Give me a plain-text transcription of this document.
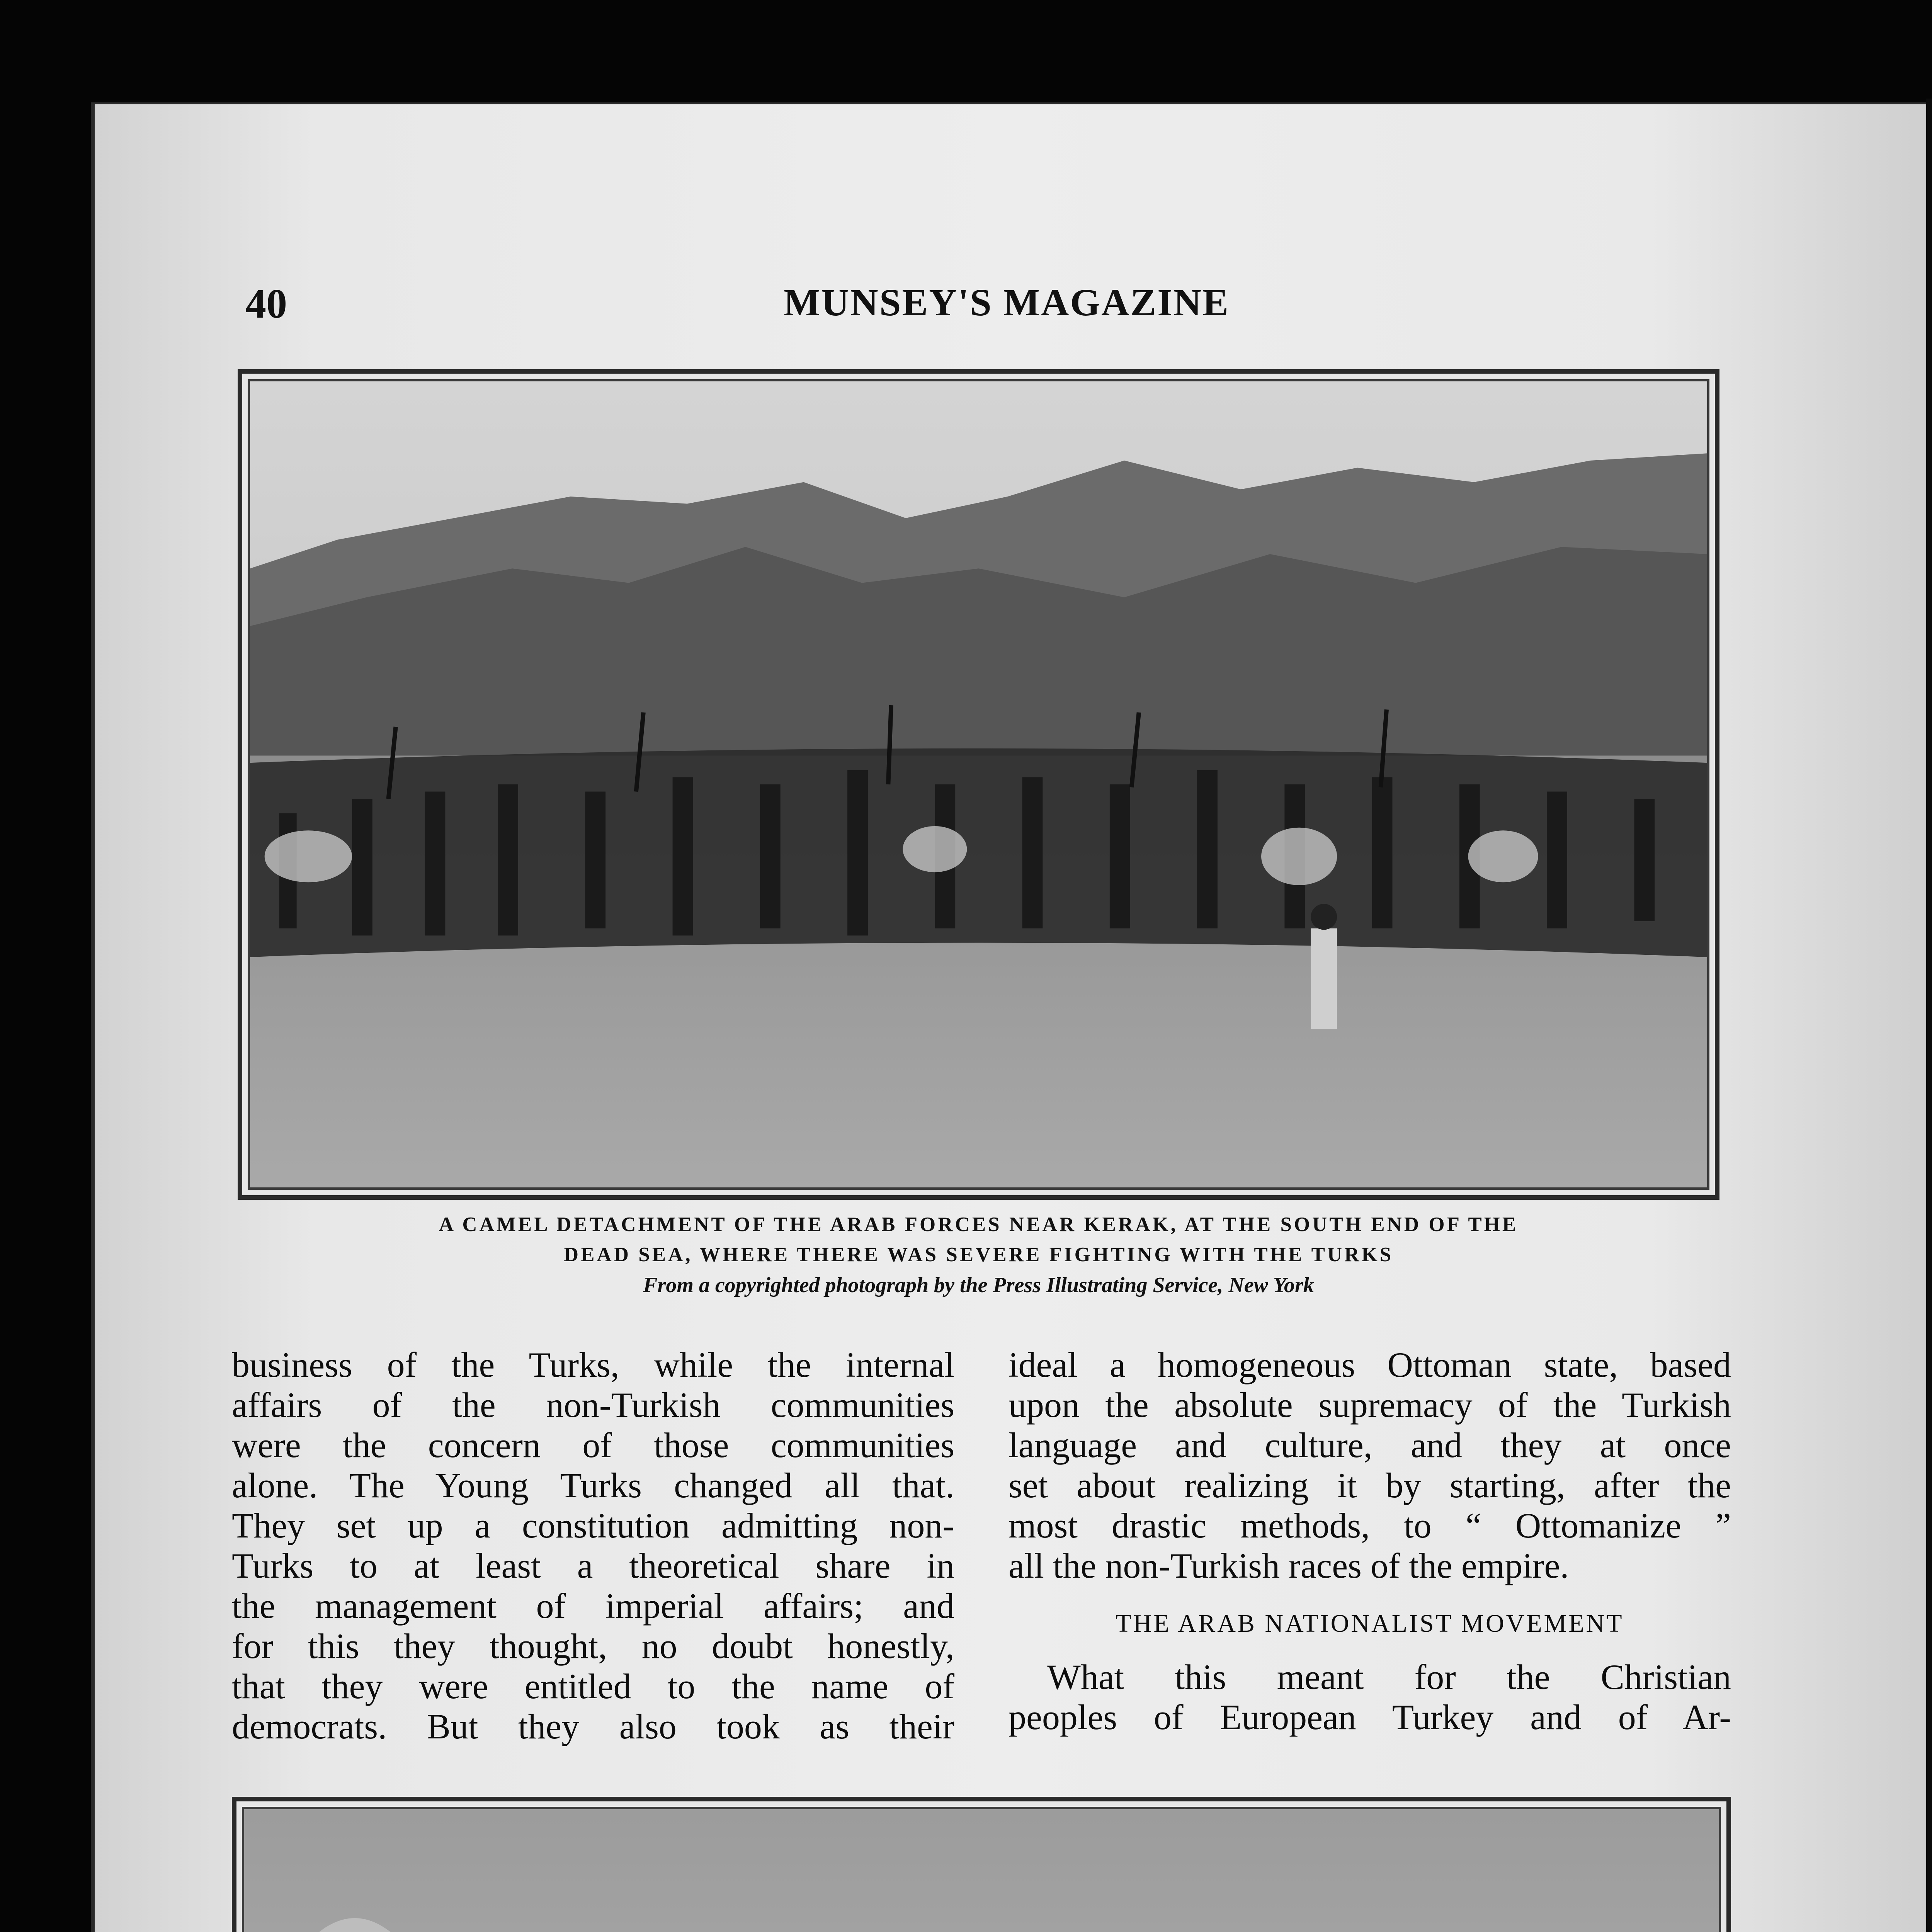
40	MUNSEY'S MAGAZINE
A CAMEL DETACHMENT OF THE ARAB FORCES NEAR KERAK, AT THE SOUTH END OF THE
DEAD SEA, WHERE THERE WAS SEVERE FIGHTING WITH THE TURKS
From a copyrighted photograph by the Press Illustrating Service, New York

business of the Turks, while the internal

affairs of the non-Turkish communities

were the concern of those communities

alone. The Young Turks changed all that.

They set up a constitution admitting non-

Turks to at least a theoretical share in

the management of imperial affairs; and

for this they thought, no doubt honestly,

that they were entitled to the name of

democrats. But they also took as their

ideal a homogeneous Ottoman state, based

upon the absolute supremacy of the Turkish

language and culture, and they at once

set about realizing it by starting, after the

most drastic methods, to “ Ottomanize ”

all the non-Turkish races of the empire.

THE ARAB NATIONALIST MOVEMENT

What this meant for the Christian

peoples of European Turkey and of Ar-
